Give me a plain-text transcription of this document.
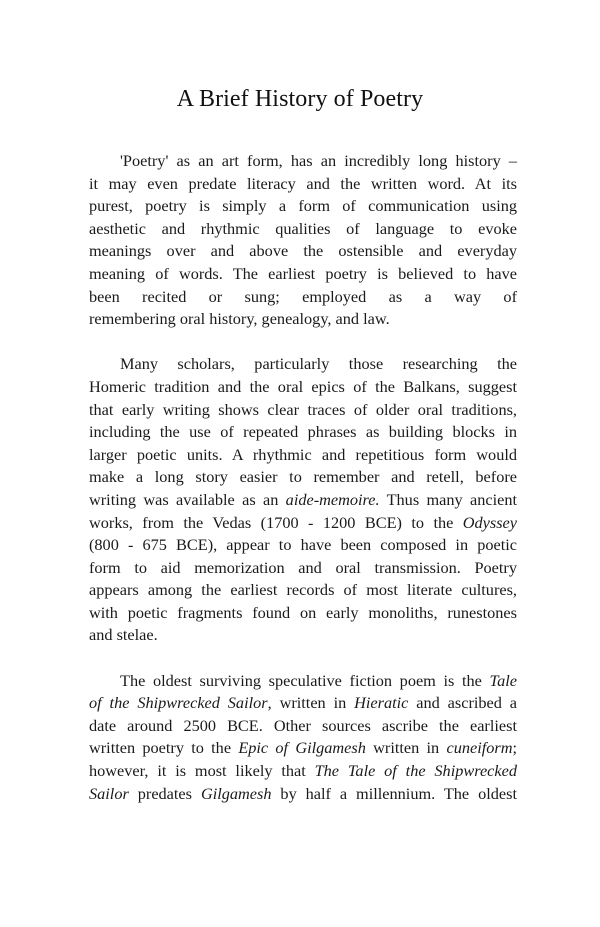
A Brief History of Poetry
'Poetry' as an art form, has an incredibly long history –
it may even predate literacy and the written word. At its
purest, poetry is simply a form of communication using
aesthetic and rhythmic qualities of language to evoke
meanings over and above the ostensible and everyday
meaning of words. The earliest poetry is believed to have
been recited or sung; employed as a way of
remembering oral history, genealogy, and law.
Many scholars, particularly those researching the
Homeric tradition and the oral epics of the Balkans, suggest
that early writing shows clear traces of older oral traditions,
including the use of repeated phrases as building blocks in
larger poetic units. A rhythmic and repetitious form would
make a long story easier to remember and retell, before
writing was available as an aide-memoire. Thus many ancient
works, from the Vedas (1700 - 1200 BCE) to the Odyssey
(800 - 675 BCE), appear to have been composed in poetic
form to aid memorization and oral transmission. Poetry
appears among the earliest records of most literate cultures,
with poetic fragments found on early monoliths, runestones
and stelae.
The oldest surviving speculative fiction poem is the Tale
of the Shipwrecked Sailor, written in Hieratic and ascribed a
date around 2500 BCE. Other sources ascribe the earliest
written poetry to the Epic of Gilgamesh written in cuneiform;
however, it is most likely that The Tale of the Shipwrecked
Sailor predates Gilgamesh by half a millennium. The oldest
